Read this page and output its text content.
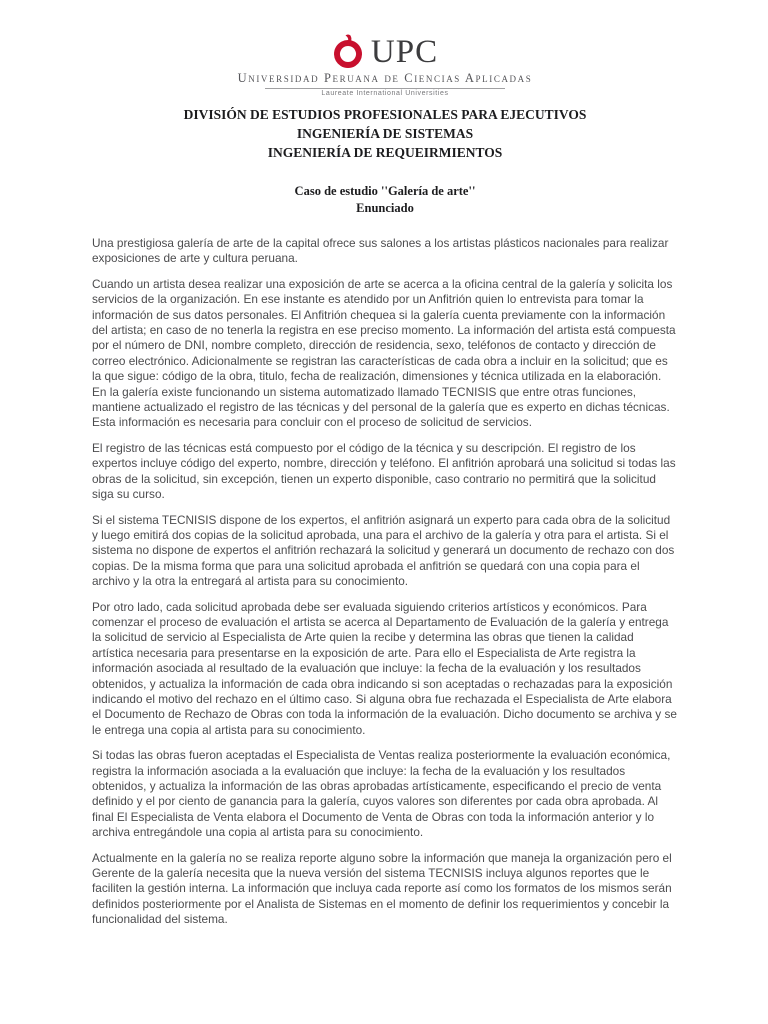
UPC
Universidad Peruana de Ciencias Aplicadas
Laureate International Universities
DIVISIÓN DE ESTUDIOS PROFESIONALES PARA EJECUTIVOS
INGENIERÍA DE SISTEMAS
INGENIERÍA DE REQUEIRMIENTOS
Caso de estudio ''Galería de arte''
Enunciado

Una prestigiosa galería de arte de la capital ofrece sus salones a los artistas plásticos nacionales para realizar exposiciones de arte y cultura peruana.

Cuando un artista desea realizar una exposición de arte se acerca a la oficina central de la galería y solicita los servicios de la organización. En ese instante es atendido por un Anfitrión quien lo entrevista para tomar la información de sus datos personales. El Anfitrión chequea si la galería cuenta previamente con la información del artista; en caso de no tenerla la registra en ese preciso momento. La información del artista está compuesta por el número de DNI, nombre completo, dirección de residencia, sexo, teléfonos de contacto y dirección de correo electrónico. Adicionalmente se registran las características de cada obra a incluir en la solicitud; que es la que sigue: código de la obra, titulo, fecha de realización, dimensiones y técnica utilizada en la elaboración. En la galería existe funcionando un sistema automatizado llamado TECNISIS que entre otras funciones, mantiene actualizado el registro de las técnicas y del personal de la galería que es experto en dichas técnicas. Esta información es necesaria para concluir con el proceso de solicitud de servicios.

El registro de las técnicas está compuesto por el código de la técnica y su descripción. El registro de los expertos incluye código del experto, nombre, dirección y teléfono. El anfitrión aprobará una solicitud si todas las obras de la solicitud, sin excepción, tienen un experto disponible, caso contrario no permitirá que la solicitud siga su curso.

Si el sistema TECNISIS dispone de los expertos, el anfitrión asignará un experto para cada obra de la solicitud y luego emitirá dos copias de la solicitud aprobada, una para el archivo de la galería y otra para el artista. Si el sistema no dispone de expertos el anfitrión rechazará la solicitud y generará un documento de rechazo con dos copias. De la misma forma que para una solicitud aprobada el anfitrión se quedará con una copia para el archivo y la otra la entregará al artista para su conocimiento.

Por otro lado, cada solicitud aprobada debe ser evaluada siguiendo criterios artísticos y económicos. Para comenzar el proceso de evaluación el artista se acerca al Departamento de Evaluación de la galería y entrega la solicitud de servicio al Especialista de Arte quien la recibe y determina las obras que tienen la calidad artística necesaria para presentarse en la exposición de arte. Para ello el Especialista de Arte registra la información asociada al resultado de la evaluación que incluye: la fecha de la evaluación y los resultados obtenidos, y actualiza la información de cada obra indicando si son aceptadas o rechazadas para la exposición indicando el motivo del rechazo en el último caso. Si alguna obra fue rechazada el Especialista de Arte elabora el Documento de Rechazo de Obras con toda la información de la evaluación. Dicho documento se archiva y se le entrega una copia al artista para su conocimiento.

Si todas las obras fueron aceptadas el Especialista de Ventas realiza posteriormente la evaluación económica, registra la información asociada a la evaluación que incluye: la fecha de la evaluación y los resultados obtenidos, y actualiza la información de las obras aprobadas artísticamente, especificando el precio de venta definido y el por ciento de ganancia para la galería, cuyos valores son diferentes por cada obra aprobada. Al final El Especialista de Venta elabora el Documento de Venta de Obras con toda la información anterior y lo archiva entregándole una copia al artista para su conocimiento.

Actualmente en la galería no se realiza reporte alguno sobre la información que maneja la organización pero el Gerente de la galería necesita que la nueva versión del sistema TECNISIS incluya algunos reportes que le faciliten la gestión interna. La información que incluya cada reporte así como los formatos de los mismos serán definidos posteriormente por el Analista de Sistemas en el momento de definir los requerimientos y concebir la funcionalidad del sistema.
